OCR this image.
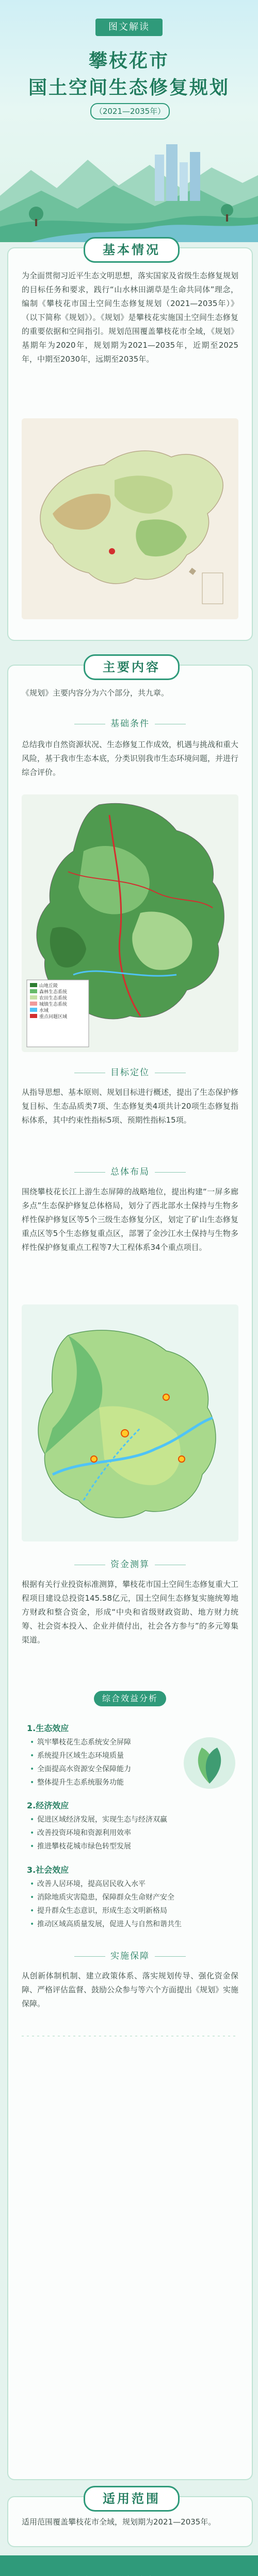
图文解读
攀枝花市
国土空间生态修复规划
（2021—2035年）
基本情况
为全面贯彻习近平生态文明思想，落实国家及省级生态修复规划的目标任务和要求，践行“山水林田湖草是生命共同体”理念，编制《攀枝花市国土空间生态修复规划（2021—2035年）》（以下简称《规划》）。《规划》是攀枝花实施国土空间生态修复的重要依据和空间指引。规划范围覆盖攀枝花市全域，《规划》基期年为2020年，规划期为2021—2035年，近期至2025年，中期至2030年，远期至2035年。
主要内容
《规划》主要内容分为六个部分，共九章。
基础条件
总结我市自然资源状况、生态修复工作成效，机遇与挑战和重大风险，基于我市生态本底，分类识别我市生态环境问题，并进行综合评价。
山地丘陵
森林生态系统
农田生态系统
城镇生态系统
水域
重点问题区域
目标定位
从指导思想、基本原则、规划目标进行概述，提出了生态保护修复目标、生态品质类7项、生态修复类4项共计20项生态修复指标体系，其中约束性指标5项、预期性指标15项。
总体布局
围绕攀枝花长江上游生态屏障的战略地位，提出构建“一屏多廊多点”生态保护修复总体格局，划分了西北部水土保持与生物多样性保护修复区等5个三级生态修复分区，划定了矿山生态修复重点区等5个生态修复重点区，部署了金沙江水土保持与生物多样性保护修复重点工程等7大工程体系34个重点项目。
资金测算
根据有关行业投资标准测算，攀枝花市国土空间生态修复重大工程项目建设总投资145.58亿元，国土空间生态修复实施统筹地方财政和整合资金，形成“中央和省级财政资助、地方财力统筹、社会资本投入、企业并债付出，社会各方参与”的多元筹集渠道。
综合效益分析
1.生态效应
• 筑牢攀枝花生态系统安全屏障
• 系统提升区域生态环境质量
• 全面提高水资源安全保障能力
• 整体提升生态系统服务功能
2.经济效应
• 促进区域经济发展，实现生态与经济双赢
• 改善投资环境和资源利用效率
• 推进攀枝花城市绿色转型发展
3.社会效应
• 改善人居环境，提高居民收入水平
• 消除地质灾害隐患，保障群众生命财产安全
• 提升群众生态意识，形成生态文明新格局
• 推动区域高质量发展，促进人与自然和谐共生
实施保障
从创新体制机制、建立政策体系、落实规划传导、强化资金保障、严格评估监督、鼓励公众参与等六个方面提出《规划》实施保障。
适用范围
适用范围覆盖攀枝花市全域，规划期为2021—2035年。
